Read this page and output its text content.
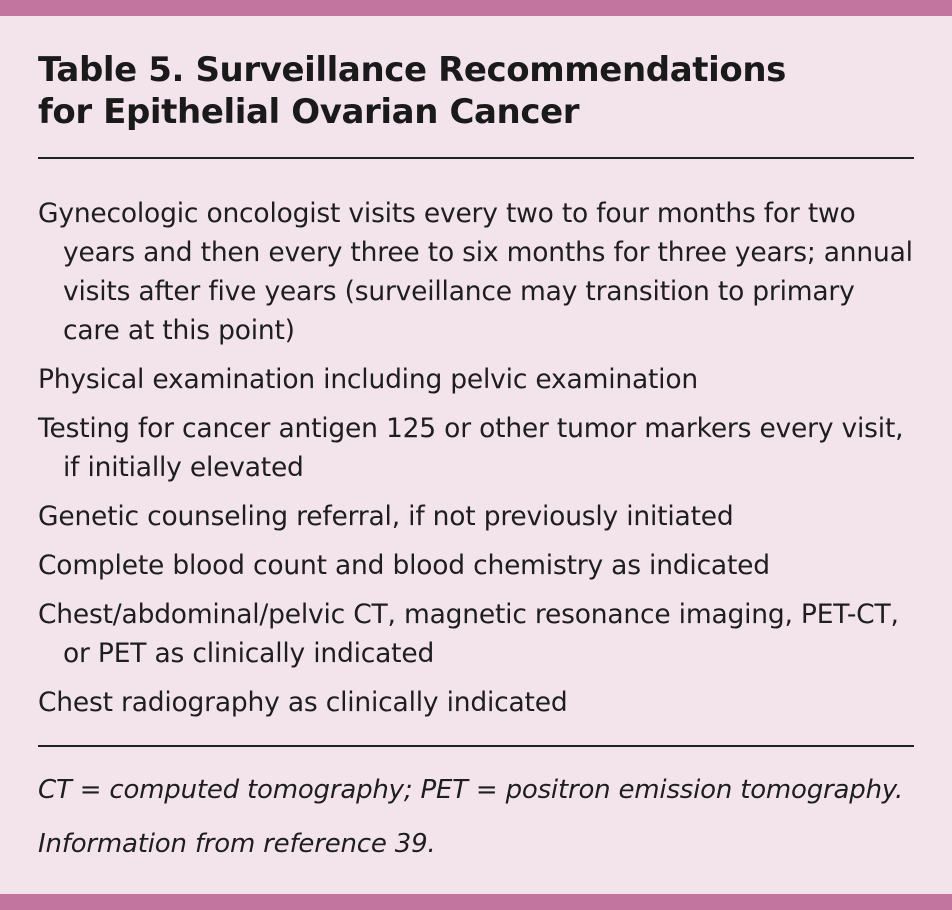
Table 5. Surveillance Recommendations
for Epithelial Ovarian Cancer
Gynecologic oncologist visits every two to four months for two years and then every three to six months for three years; annual visits after five years (surveillance may transition to primary care at this point)
Physical examination including pelvic examination
Testing for cancer antigen 125 or other tumor markers every visit, if initially elevated
Genetic counseling referral, if not previously initiated
Complete blood count and blood chemistry as indicated
Chest/abdominal/pelvic CT, magnetic resonance imaging, PET-CT, or PET as clinically indicated
Chest radiography as clinically indicated

CT = computed tomography; PET = positron emission tomography.

Information from reference 39.
